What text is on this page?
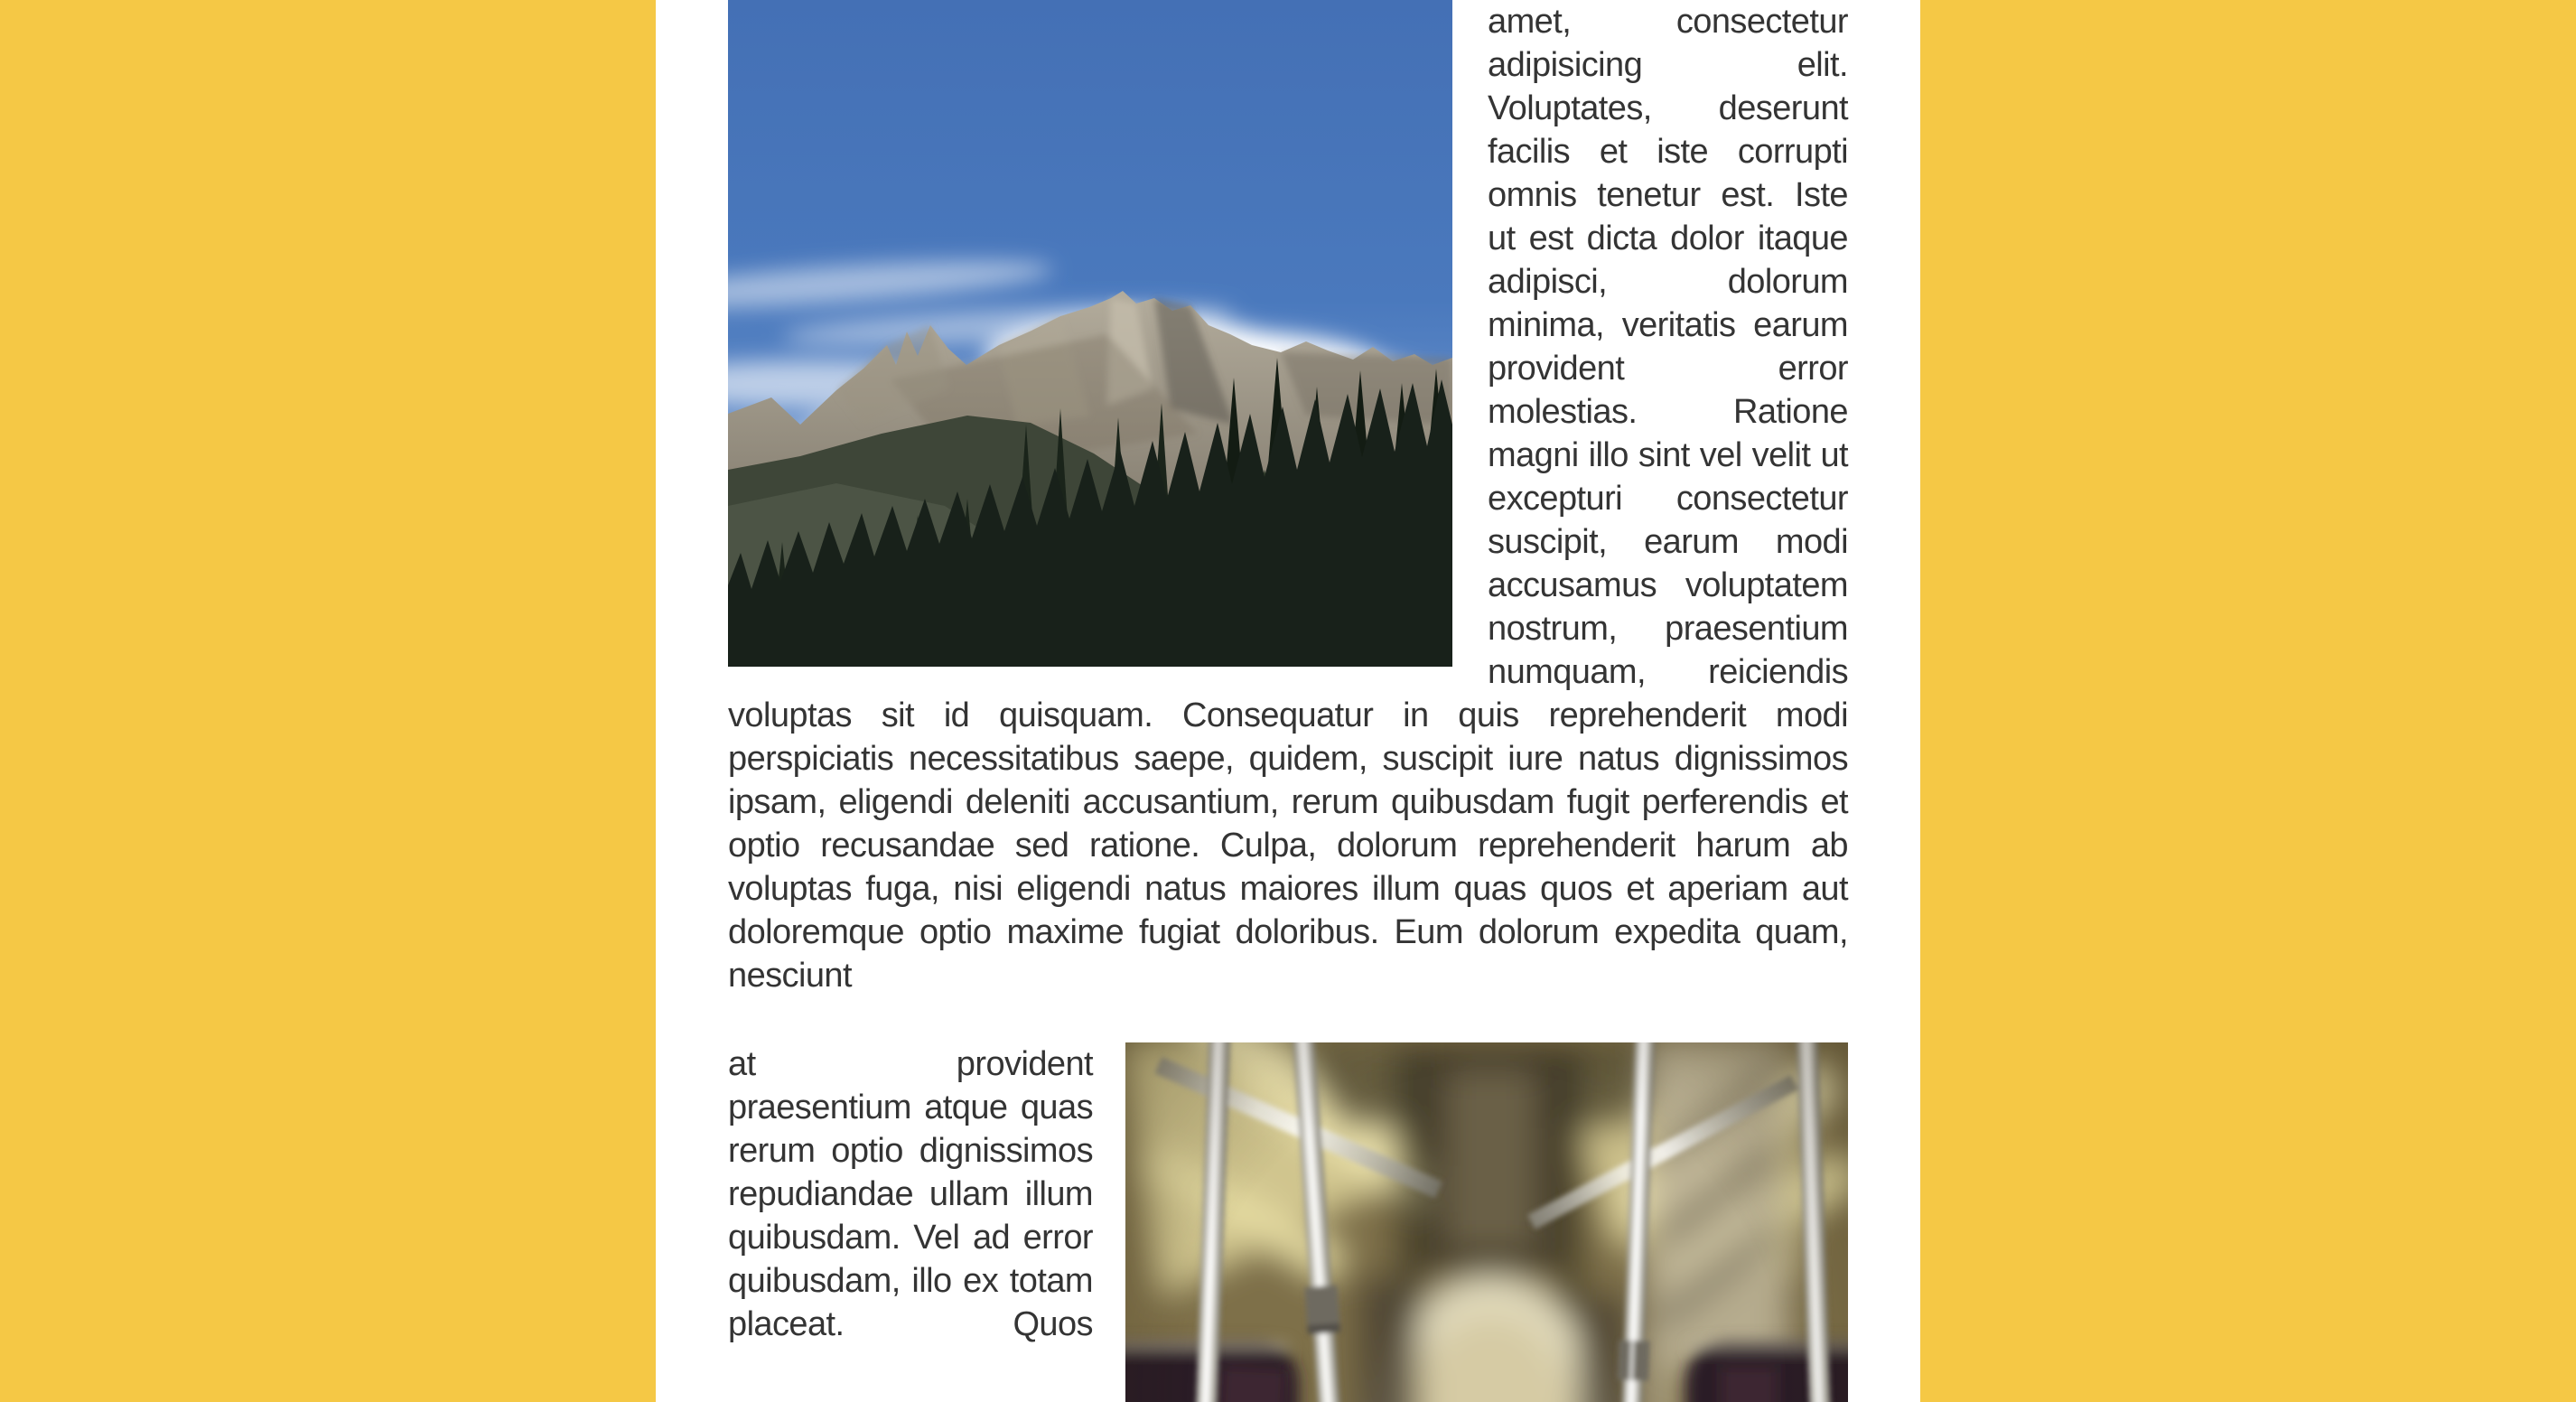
amet, consectetur adipisicing elit. Voluptates, deserunt facilis et iste corrupti omnis tenetur est. Iste ut est dicta dolor itaque adipisci, dolorum minima, veritatis earum provident error molestias. Ratione magni illo sint vel velit ut excepturi consectetur suscipit, earum modi accusamus voluptatem nostrum, praesentium numquam, reiciendis voluptas sit id quisquam. Consequatur in quis reprehenderit modi perspiciatis necessitatibus saepe, quidem, suscipit iure natus dignissimos ipsam, eligendi deleniti accusantium, rerum quibusdam fugit perferendis et optio recusandae sed ratione. Culpa, dolorum reprehenderit harum ab voluptas fuga, nisi eligendi natus maiores illum quas quos et aperiam aut doloremque optio maxime fugiat doloribus. Eum dolorum expedita quam, nesciunt

at provident praesentium atque quas rerum optio dignissimos repudiandae ullam illum quibusdam. Vel ad error quibusdam, illo ex totam placeat. Quos
